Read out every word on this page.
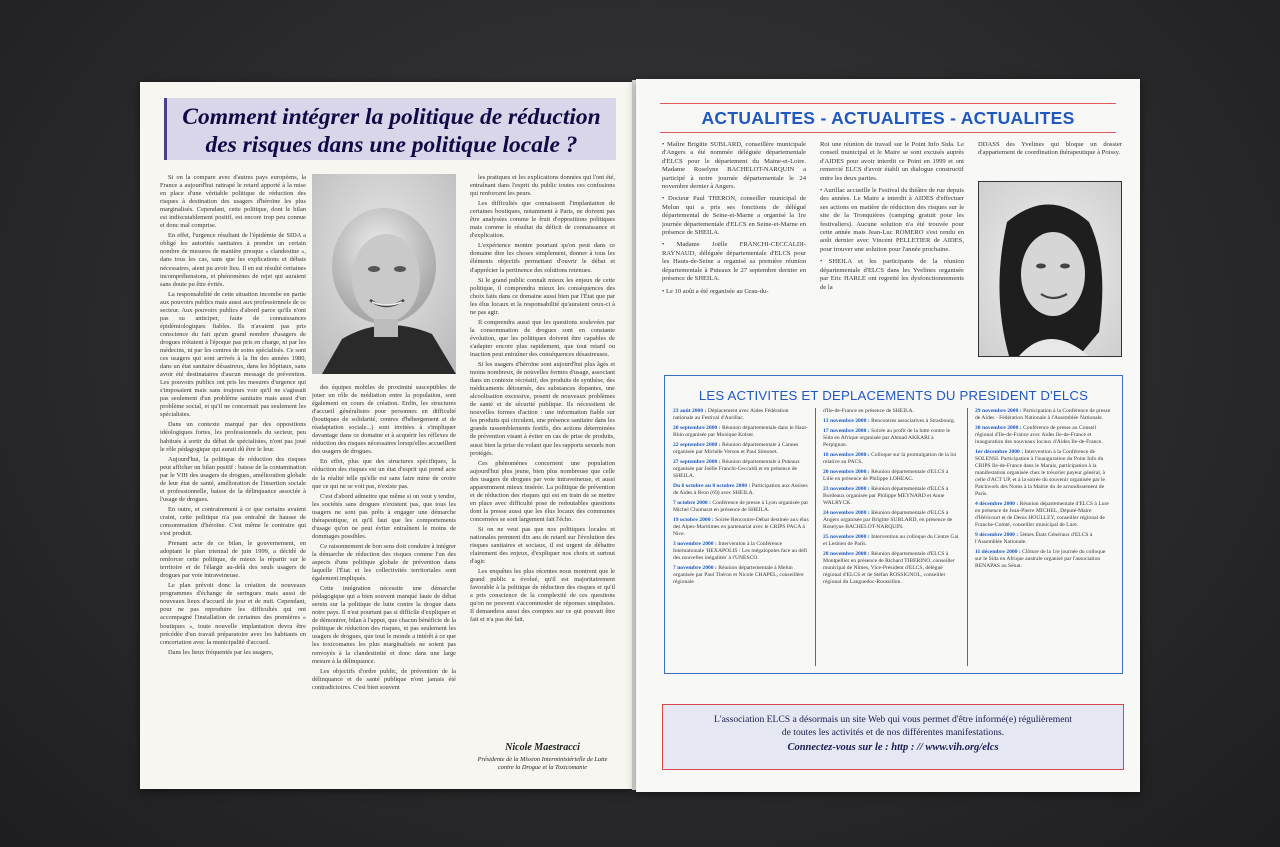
Comment intégrer la politique de réduction
des risques dans une politique locale ?

Si on la compare avec d'autres pays européens, la France a aujourd'hui rattrapé le retard apporté à la mise en place d'une véritable politique de réduction des risques à destination des usagers d'héroïne les plus marginalisés. Cependant, cette politique, dont le bilan est indiscutablement positif, est encore trop peu connue et donc mal comprise.

En effet, l'urgence résultant de l'épidémie de SIDA a obligé les autorités sanitaires à prendre un certain nombre de mesures de manière presque « clandestine », dans tous les cas, sans que les explications et débats nécessaires, aient pu avoir lieu. Il en est résulté certaines incompréhensions, et phénomènes de rejet qui auraient sans doute pu être évités.

La responsabilité de cette situation incombe en partie aux pouvoirs publics mais aussi aux professionnels de ce secteur. Aux pouvoirs publics d'abord parce qu'ils n'ont pas su anticiper, faute de connaissances épidémiologiques fiables. Ils n'avaient pas pris conscience du fait qu'un grand nombre d'usagers de drogues n'étaient à l'époque pas pris en charge, ni par les médecins, ni par les centres de soins spécialisés. Ce sont ces usagers qui sont arrivés à la fin des années 1980, dans un état sanitaire désastreux, dans les hôpitaux, sans avoir été destinataires d'aucun message de prévention. Les pouvoirs publics ont pris les mesures d'urgence qui s'imposaient mais sans toujours voir qu'il ne s'agissait pas seulement d'un problème sanitaire mais aussi d'un problème social, et qu'il ne concernait pas seulement les spécialistes.

Dans un contexte marqué par des oppositions idéologiques fortes, les professionnels du secteur, peu habitués à sortir du débat de spécialistes, n'ont pas joué le rôle pédagogique qui aurait dû être le leur.

Aujourd'hui, la politique de réduction des risques peut afficher un bilan positif : baisse de la contamination par le VIH des usagers de drogues, amélioration globale de leur état de santé, amélioration de l'insertion sociale et professionnelle, baisse de la délinquance associée à l'usage de drogues.

En outre, et contrairement à ce que certains avaient craint, cette politique n'a pas entraîné de hausse de consommation d'héroïne. C'est même le contraire qui s'est produit.

Prenant acte de ce bilan, le gouvernement, en adoptant le plan triennal de juin 1999, a décidé de renforcer cette politique, de mieux la répartir sur le territoire et de l'élargir au-delà des seuls usagers de drogues par voie intraveineuse.

Le plan prévoit donc la création de nouveaux programmes d'échange de seringues mais aussi de nouveaux lieux d'accueil de jour et de nuit. Cependant, pour ne pas reproduire les difficultés qui ont accompagné l'installation de certaines des premières « boutiques », toute nouvelle implantation devra être précédée d'un travail préparatoire avec les habitants en concertation avec la municipalité d'accueil.

Dans les lieux fréquentés par les usagers,

des équipes mobiles de proximité susceptibles de jouer un rôle de médiation entre la population, sont également en cours de création. Enfin, les structures d'accueil généralistes pour personnes en difficulté (boutiques de solidarité, centres d'hébergement et de réadaptation sociale...) sont invitées à s'impliquer davantage dans ce domaine et à acquérir les réflexes de réduction des risques nécessaires lorsqu'elles accueillent des usagers de drogues.

En effet, plus que des structures spécifiques, la réduction des risques est un état d'esprit qui prend acte de la réalité telle qu'elle est sans faire mine de croire que ce qui ne se voit pas, n'existe pas.

C'est d'abord admettre que même si on veut y tendre, les sociétés sans drogues n'existent pas, que tous les usagers ne sont pas prêts à engager une démarche thérapeutique, et qu'il faut que les comportements d'usage qu'on ne peut éviter entraînent le moins de dommages possibles.

Ce raisonnement de bon sens doit conduire à intégrer la démarche de réduction des risques comme l'un des aspects d'une politique globale de prévention dans laquelle l'État et les collectivités territoriales sont également impliqués.

Cette intégration nécessite une démarche pédagogique qui a bien souvent manqué faute de débat serein sur la politique de lutte contre la drogue dans notre pays. Il n'est pourtant pas si difficile d'expliquer et de démontrer, bilan à l'appui, que chacun bénéficie de la politique de réduction des risques, et pas seulement les usagers de drogues, que tout le monde a intérêt à ce que les toxicomanes les plus marginalisés ne soient pas renvoyés à la clandestinité et donc dans une large mesure à la délinquance.

Les objectifs d'ordre public, de prévention de la délinquance et de santé publique n'ont jamais été contradictoires. C'est bien souvent

les pratiques et les explications données qui l'ont été, entraînant dans l'esprit du public toutes ces confusions qui renforcent les peurs.

Les difficultés que connaissent l'implantation de certaines boutiques, notamment à Paris, ne doivent pas être analysées comme le fruit d'oppositions politiques mais comme le résultat du déficit de connaissance et d'explication.

L'expérience montre pourtant qu'on peut dans ce domaine dire les choses simplement, donner à tous les éléments objectifs permettant d'ouvrir le débat et d'apprécier la pertinence des solutions retenues.

Si le grand public connaît mieux les enjeux de cette politique, il comprendra mieux les conséquences des choix faits dans ce domaine aussi bien par l'État que par les élus locaux et la responsabilité qu'auraient ceux-ci à ne pas agir.

Il comprendra aussi que les questions soulevées par la consommation de drogues sont en constante évolution, que les politiques doivent être capables de s'adapter encore plus rapidement, que tout retard ou inaction peut entraîner des conséquences désastreuses.

Si les usagers d'héroïne sont aujourd'hui plus âgés et moins nombreux, de nouvelles formes d'usage, associant dans un contexte récréatif, des produits de synthèse, des médicaments détournés, des substances dopantes, une alcoolisation excessive, posent de nouveaux problèmes de santé et de sécurité publique. Ils nécessitent de nouvelles formes d'action : une information fiable sur les produits qui circulent, une présence sanitaire dans les grands rassemblements festifs, des actions déterminées de prévention visant à éviter en cas de prise de produits, aussi bien la prise du volant que les rapports sexuels non protégés.

Ces phénomènes concernent une population aujourd'hui plus jeune, bien plus nombreuse que celle des usagers de drogues par voie intraveineuse, et aussi apparemment mieux insérée. La politique de prévention et de réduction des risques qui est en train de se mettre en place avec difficulté pose de redoutables questions dont la presse aussi que les élus locaux des communes concernées se sont largement fait l'écho.

Si on ne veut pas que nos politiques locales et nationales prennent dix ans de retard sur l'évolution des risques sanitaires et sociaux, il est urgent de débattre clairement des enjeux, d'expliquer nos choix et surtout d'agir.

Les enquêtes les plus récentes nous montrent que le grand public a évolué, qu'il est majoritairement favorable à la politique de réduction des risques et qu'il a pris conscience de la complexité de ces questions qu'on ne peuvent s'accommoder de réponses simplistes. Il demandera aussi des comptes sur ce qui pouvait être fait et n'a pas été fait.

Nicole Maestracci
Présidente de la Mission Interministérielle de Lutte contre la Drogue et la Toxicomanie
ACTUALITES - ACTUALITES - ACTUALITES

• Maître Brigitte SUBLARD, conseillère municipale d'Angers a été nommée déléguée départementale d'ELCS pour le département du Maine-et-Loire. Madame Roselyne BACHELOT-NARQUIN a participé à notre journée départementale le 24 novembre dernier à Angers.

• Docteur Paul THERON, conseiller municipal de Melun qui a pris ses fonctions de délégué départemental de Seine-et-Marne a organisé la 1re journée départementale d'ELCS en Seine-et-Marne en présence de SHEILA.

• Madame Joëlle FRANCHI-CECCALDI-RAYNAUD, déléguée départementale d'ELCS pour les Hauts-de-Seine a organisé sa première réunion départementale à Puteaux le 27 septembre dernier en présence de SHEILA.

• Le 10 août a été organisée au Grau-du-

Roi une réunion de travail sur le Point Info Sida. Le conseil municipal et le Maire se sont excusés auprès d'AIDES pour avoir interdit ce Point en 1999 et ont remercié ELCS d'avoir établi un dialogue constructif entre les deux parties.

• Aurillac accueille le Festival du théâtre de rue depuis des années. Le Maire a interdit à AIDES d'effectuer ses actions en matière de réduction des risques sur le site de la Tronquières (camping gratuit pour les festivaliers). Aucune solution n'a été trouvée pour cette année mais Jean-Luc ROMERO s'est rendu en août dernier avec Vincent PELLETIER de AIDES, pour trouver une solution pour l'année prochaine.

• SHEILA et les participants de la réunion départementale d'ELCS dans les Yvelines organisée par Eric HARLE ont regretté les dysfonctionnements de la

DDASS des Yvelines qui bloque un dossier d'appartement de coordination thérapeutique à Poissy.

LES ACTIVITES ET DEPLACEMENTS DU PRESIDENT D'ELCS
23 août 2000 : Déplacement avec Aides Fédération nationale au Festival d'Aurillac.
20 septembre 2000 : Réunion départementale dans le Haut-Rhin organisée par Monique Kolser.
22 septembre 2000 : Réunion départementale à Cannes organisée par Michèle Verson et Paul Simonet.
27 septembre 2000 : Réunion départementale à Puteaux organisée par Joëlle Franchi-Ceccaldi et en présence de SHEILA.
Du 6 octobre au 8 octobre 2000 : Participation aux Assises de Aides à Bron (69) avec SHEILA.
7 octobre 2000 : Conférence de presse à Lyon organisée par Michel Chomarat en présence de SHEILA.
19 octobre 2000 : Soirée Rencontre-Débat destinée aux élus des Alpes-Maritimes en partenariat avec le CRIPS PACA à Nice.
3 novembre 2000 : Intervention à la Conférence Internationale 'HEXAPOLIS : Les mégalopoles face au défi des nouvelles inégalités' à l'UNESCO.
7 novembre 2000 : Réunion départementale à Melun organisée par Paul Théron et Nicole CHAPEL, conseillère régionale
d'Ile-de-France en présence de SHEILA.
13 novembre 2000 : Rencontres associatives à Strasbourg.
17 novembre 2000 : Soirée au profit de la lutte contre le Sida en Afrique organisée par Ahmad AKKARI à Perpignan.
18 novembre 2000 : Colloque sur la promulgation de la loi relative au PACS.
20 novembre 2000 : Réunion départementale d'ELCS à Lille en présence de Philippe LOHEAC.
23 novembre 2000 : Réunion départementale d'ELCS à Bordeaux organisée par Philippe MEYNARD et Anne WALRYCK.
24 novembre 2000 : Réunion départementale d'ELCS à Angers organisée par Brigitte SUBLARD, en présence de Roselyne BACHELOT-NARQUIN.
25 novembre 2000 : Intervention au colloque du Centre Gai et Lesbien de Paris.
28 novembre 2000 : Réunion départementale d'ELCS à Montpellier en présence de Richard TIBERINO, conseiller municipal de Nîmes, Vice-Président d'ELCS, délégué régional d'ELCS et de Stéfan ROSSIGNOL, conseiller régional du Languedoc-Roussillon.
29 novembre 2000 : Participation à la Conférence de presse de Aides - Fédération Nationale à l'Assemblée Nationale.
30 novembre 2000 : Conférence de presse au Conseil régional d'Ile-de-France avec Aides Ile-de-France et inauguration des nouveaux locaux d'Aides Ile-de-France.
1er décembre 2000 : Intervention à la Conférence de SOLENSI. Participation à l'inauguration du Point Info du CRIPS Ile-de-France dans le Marais, participation à la manifestation organisée chez le trésorier payeur général, à celle d'ACT UP, et à la soirée du souvenir organisée par le Patchwork des Noms à la Mairie du 4e arrondissement de Paris.
4 décembre 2000 : Réunion départementale d'ELCS à Lure en présence de Jean-Pierre MICHEL, Député-Maire d'Héricourt et de Denis HOULLEY, conseiller régional de Franche-Comté, conseiller municipal de Lure.
9 décembre 2000 : 5èmes États Généraux d'ELCS à l'Assemblée Nationale.
11 décembre 2000 : Clôture de la 1re journée du colloque sur le Sida en Afrique australe organisé par l'association RENAPAS au Sénat.
L'association ELCS a désormais un site Web qui vous permet d'être informé(e) régulièrement
de toutes les activités et de nos différentes manifestations.
Connectez-vous sur le : http : // www.vih.org/elcs
